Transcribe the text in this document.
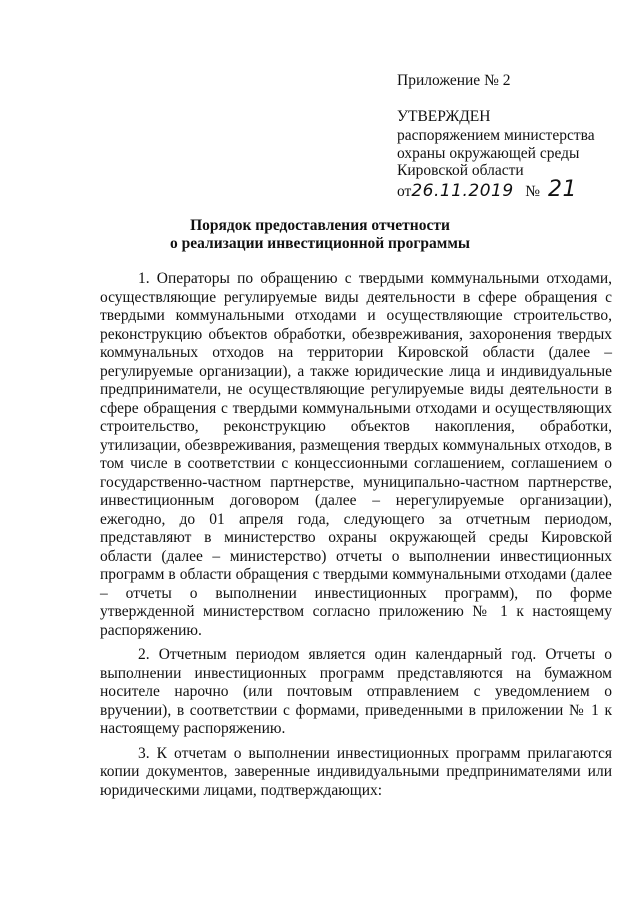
Приложение № 2
УТВЕРЖДЕН
распоряжением министерства
охраны окружающей среды
Кировской области
от26.11.2019 № 21
Порядок предоставления отчетности
о реализации инвестиционной программы

1. Операторы по обращению с твердыми коммунальными отходами, осуществляющие регулируемые виды деятельности в сфере обращения с твердыми коммунальными отходами и осуществляющие строительство, реконструкцию объектов обработки, обезвреживания, захоронения твердых коммунальных отходов на территории Кировской области (далее – регулируемые организации), а также юридические лица и индивидуальные предприниматели, не осуществляющие регулируемые виды деятельности в сфере обращения с твердыми коммунальными отходами и осуществляющих строительство, реконструкцию объектов накопления, обработки, утилизации, обезвреживания, размещения твердых коммунальных отходов, в том числе в соответствии с концессионными соглашением, соглашением о государственно-частном партнерстве, муниципально-частном партнерстве, инвестиционным договором (далее – нерегулируемые организации), ежегодно, до 01 апреля года, следующего за отчетным периодом, представляют в министерство охраны окружающей среды Кировской области (далее – министерство) отчеты о выполнении инвестиционных программ в области обращения с твердыми коммунальными отходами (далее – отчеты о выполнении инвестиционных программ), по форме утвержденной министерством согласно приложению № 1 к настоящему распоряжению.

2. Отчетным периодом является один календарный год. Отчеты о выполнении инвестиционных программ представляются на бумажном носителе нарочно (или почтовым отправлением с уведомлением о вручении), в соответствии с формами, приведенными в приложении № 1 к настоящему распоряжению.

3. К отчетам о выполнении инвестиционных программ прилагаются копии документов, заверенные индивидуальными предпринимателями или юридическими лицами, подтверждающих:
